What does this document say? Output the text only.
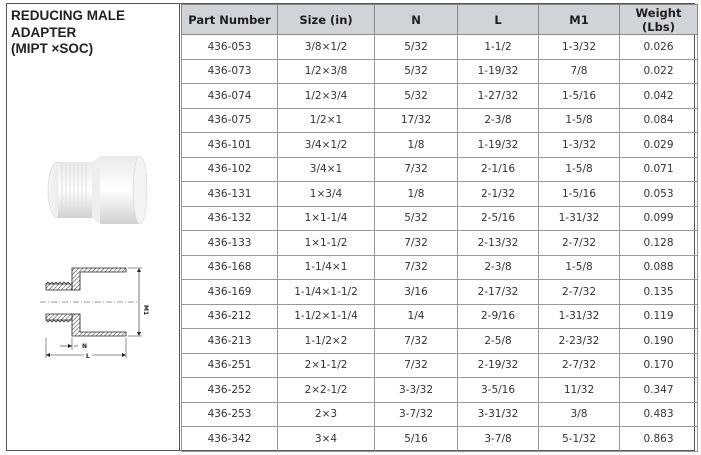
REDUCING MALE
ADAPTER
(MIPT ×SOC)
M1
N
L
Part Number	Size (in)	N	L	M1	Weight (Lbs)
436-053	3/8×1/2	5/32	1-1/2	1-3/32	0.026
436-073	1/2×3/8	5/32	1-19/32	7/8	0.022
436-074	1/2×3/4	5/32	1-27/32	1-5/16	0.042
436-075	1/2×1	17/32	2-3/8	1-5/8	0.084
436-101	3/4×1/2	1/8	1-19/32	1-3/32	0.029
436-102	3/4×1	7/32	2-1/16	1-5/8	0.071
436-131	1×3/4	1/8	2-1/32	1-5/16	0.053
436-132	1×1-1/4	5/32	2-5/16	1-31/32	0.099
436-133	1×1-1/2	7/32	2-13/32	2-7/32	0.128
436-168	1-1/4×1	7/32	2-3/8	1-5/8	0.088
436-169	1-1/4×1-1/2	3/16	2-17/32	2-7/32	0.135
436-212	1-1/2×1-1/4	1/4	2-9/16	1-31/32	0.119
436-213	1-1/2×2	7/32	2-5/8	2-23/32	0.190
436-251	2×1-1/2	7/32	2-19/32	2-7/32	0.170
436-252	2×2-1/2	3-3/32	3-5/16	11/32	0.347
436-253	2×3	3-7/32	3-31/32	3/8	0.483
436-342	3×4	5/16	3-7/8	5-1/32	0.863
